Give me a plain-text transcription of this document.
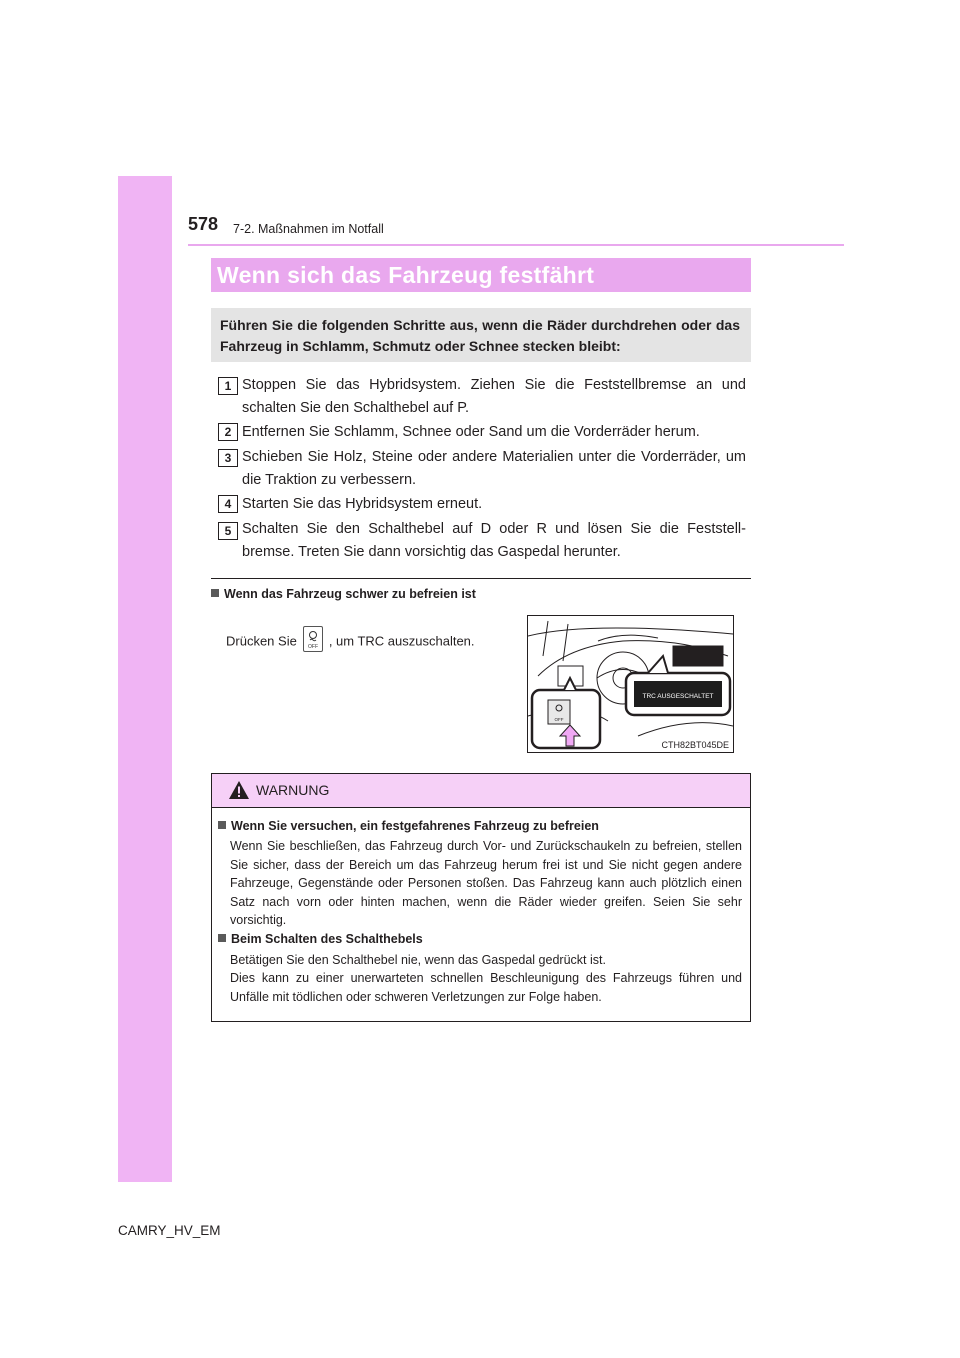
578 7-2. Maßnahmen im Notfall
Wenn sich das Fahrzeug festfährt
Führen Sie die folgenden Schritte aus, wenn die Räder durchdrehen oder das Fahrzeug in Schlamm, Schmutz oder Schnee stecken bleibt:
1 Stoppen Sie das Hybridsystem. Ziehen Sie die Feststellbremse an und schalten Sie den Schalthebel auf P.
2 Entfernen Sie Schlamm, Schnee oder Sand um die Vorderräder herum.
3 Schieben Sie Holz, Steine oder andere Materialien unter die Vorderräder, um die Traktion zu verbessern.
4 Starten Sie das Hybridsystem erneut.
5 Schalten Sie den Schalthebel auf D oder R und lösen Sie die Feststell-bremse. Treten Sie dann vorsichtig das Gaspedal herunter.
Wenn das Fahrzeug schwer zu befreien ist
Drücken Sie OFF , um TRC auszuschalten.
OFF
TRC AUSGESCHALTET
CTH82BT045DE
WARNUNG
Wenn Sie versuchen, ein festgefahrenes Fahrzeug zu befreien
Wenn Sie beschließen, das Fahrzeug durch Vor- und Zurückschaukeln zu befreien, stellen Sie sicher, dass der Bereich um das Fahrzeug herum frei ist und Sie nicht gegen andere Fahrzeuge, Gegenstände oder Personen stoßen. Das Fahrzeug kann auch plötzlich einen Satz nach vorn oder hinten machen, wenn die Räder wieder greifen. Seien Sie sehr vorsichtig.
Beim Schalten des Schalthebels
Betätigen Sie den Schalthebel nie, wenn das Gaspedal gedrückt ist.
Dies kann zu einer unerwarteten schnellen Beschleunigung des Fahrzeugs führen und Unfälle mit tödlichen oder schweren Verletzungen zur Folge haben.
CAMRY_HV_EM
